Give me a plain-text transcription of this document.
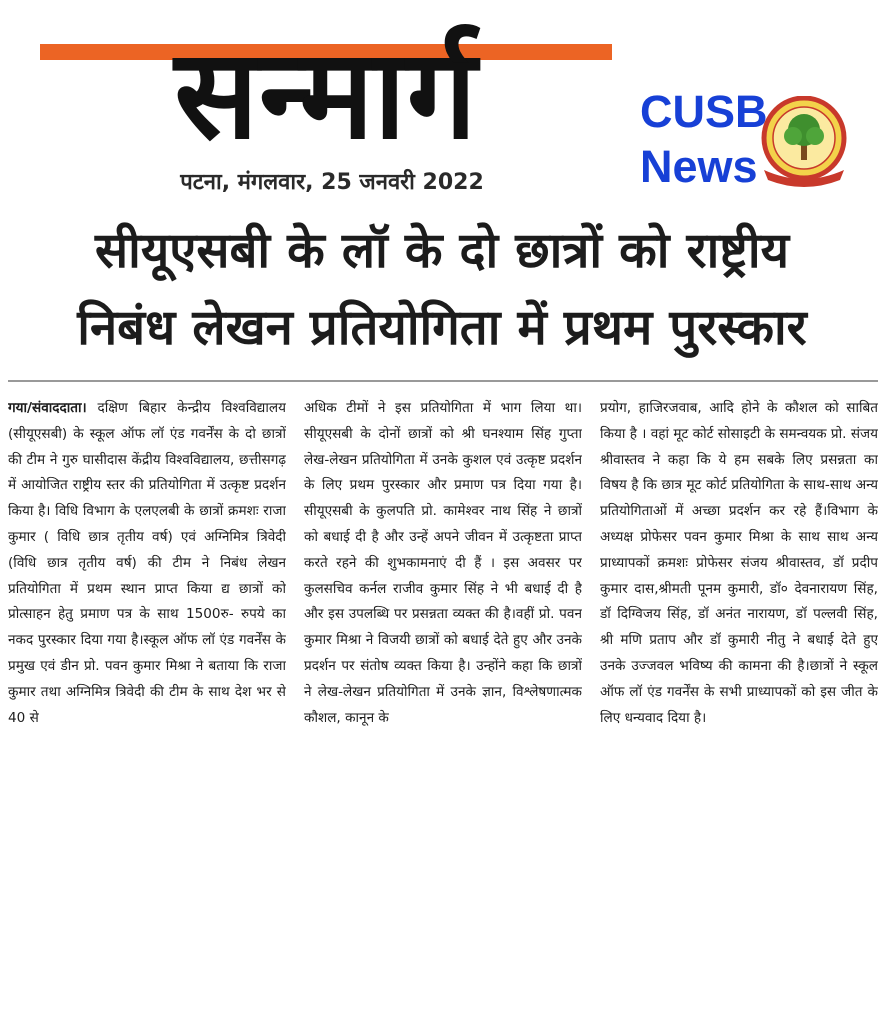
सन्मार्ग
पटना, मंगलवार, 25 जनवरी 2022
CUSB
News
सीयूएसबी के लॉ के दो छात्रों को राष्ट्रीय
निबंध लेखन प्रतियोगिता में प्रथम पुरस्कार
गया/संवाददाता। दक्षिण बिहार केन्द्रीय विश्वविद्यालय (सीयूएसबी) के स्कूल ऑफ लॉ एंड गवर्नेंस के दो छात्रों की टीम ने गुरु घासीदास केंद्रीय विश्वविद्यालय, छत्तीसगढ़ में आयोजित राष्ट्रीय स्तर की प्रतियोगिता में उत्कृष्ट प्रदर्शन किया है। विधि विभाग के एलएलबी के छात्रों क्रमशः राजा कुमार ( विधि छात्र तृतीय वर्ष) एवं अग्निमित्र त्रिवेदी (विधि छात्र तृतीय वर्ष) की टीम ने निबंध लेखन प्रतियोगिता में प्रथम स्थान प्राप्त किया द्य छात्रों को प्रोत्साहन हेतु प्रमाण पत्र के साथ 1500रु- रुपये का नकद पुरस्कार दिया गया है।स्कूल ऑफ लॉ एंड गवर्नेंस के प्रमुख एवं डीन प्रो. पवन कुमार मिश्रा ने बताया कि राजा कुमार तथा अग्निमित्र त्रिवेदी की टीम के साथ देश भर से 40 से
अधिक टीमों ने इस प्रतियोगिता में भाग लिया था।सीयूएसबी के दोनों छात्रों को श्री घनश्याम सिंह गुप्ता लेख-लेखन प्रतियोगिता में उनके कुशल एवं उत्कृष्ट प्रदर्शन के लिए प्रथम पुरस्कार और प्रमाण पत्र दिया गया है।सीयूएसबी के कुलपति प्रो. कामेश्वर नाथ सिंह ने छात्रों को बधाई दी है और उन्हें अपने जीवन में उत्कृष्टता प्राप्त करते रहने की शुभकामनाएं दी हैं । इस अवसर पर कुलसचिव कर्नल राजीव कुमार सिंह ने भी बधाई दी है और इस उपलब्धि पर प्रसन्नता व्यक्त की है।वहीं प्रो. पवन कुमार मिश्रा ने विजयी छात्रों को बधाई देते हुए और उनके प्रदर्शन पर संतोष व्यक्त किया है। उन्होंने कहा कि छात्रों ने लेख-लेखन प्रतियोगिता में उनके ज्ञान, विश्लेषणात्मक कौशल, कानून के
प्रयोग, हाजिरजवाब, आदि होने के कौशल को साबित किया है । वहां मूट कोर्ट सोसाइटी के समन्वयक प्रो. संजय श्रीवास्तव ने कहा कि ये हम सबके लिए प्रसन्नता का विषय है कि छात्र मूट कोर्ट प्रतियोगिता के साथ-साथ अन्य प्रतियोगिताओं में अच्छा प्रदर्शन कर रहे हैं।विभाग के अध्यक्ष प्रोफेसर पवन कुमार मिश्रा के साथ साथ अन्य प्राध्यापकों क्रमशः प्रोफेसर संजय श्रीवास्तव, डॉ प्रदीप कुमार दास,श्रीमती पूनम कुमारी, डॉ० देवनारायण सिंह, डॉ दिग्विजय सिंह, डॉ अनंत नारायण, डॉ पल्लवी सिंह, श्री मणि प्रताप और डॉ कुमारी नीतु ने बधाई देते हुए उनके उज्जवल भविष्य की कामना की है।छात्रों ने स्कूल ऑफ लॉ एंड गवर्नेंस के सभी प्राध्यापकों को इस जीत के लिए धन्यवाद दिया है।
